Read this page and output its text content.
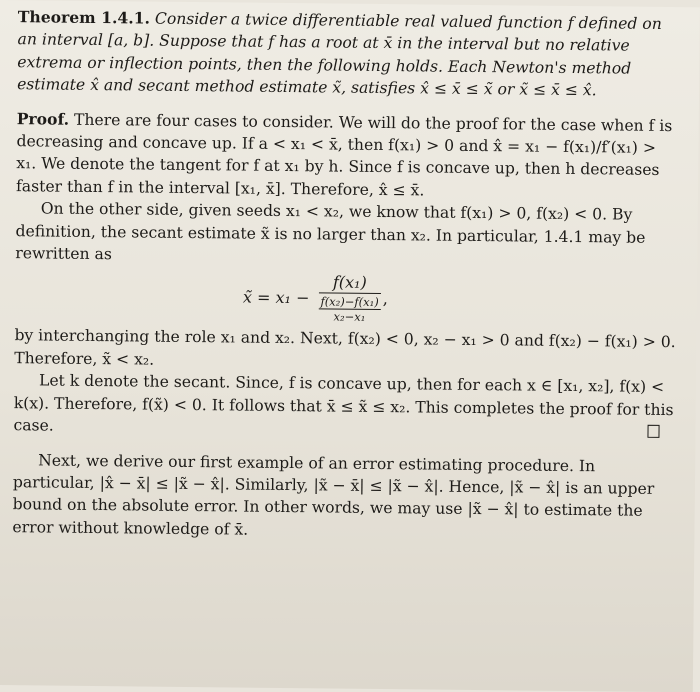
Theorem 1.4.1. Consider a twice differentiable real valued function f defined on an interval [a, b]. Suppose that f has a root at x̄ in the interval but no relative extrema or inflection points, then the following holds. Each Newton's method estimate x̂ and secant method estimate x̃, satisfies x̂ ≤ x̄ ≤ x̃ or x̃ ≤ x̄ ≤ x̂.

Proof. There are four cases to consider. We will do the proof for the case when f is decreasing and concave up. If a < x₁ < x̄, then f(x₁) > 0 and x̂ = x₁ − f(x₁)/f′(x₁) > x₁. We denote the tangent for f at x₁ by h. Since f is concave up, then h decreases faster than f in the interval [x₁, x̄]. Therefore, x̂ ≤ x̄.

On the other side, given seeds x₁ < x₂, we know that f(x₁) > 0, f(x₂) < 0. By definition, the secant estimate x̃ is no larger than x₂. In particular, 1.4.1 may be rewritten as

x̃ = $x_1 - \frac{\text{f(x₁)}}{\frac{\text{f(x₂)−f(x₁)}}{\text{x₂−x₁}}}$ ,

by interchanging the role x₁ and x₂. Next, f(x₂) < 0, x₂ − x₁ > 0 and f(x₂) − f(x₁) > 0. Therefore, x̃ < x₂.

Let k denote the secant. Since, f is concave up, then for each x ∈ [x₁, x₂], f(x) < k(x). Therefore, f(x̃) < 0. It follows that x̄ ≤ x̃ ≤ x₂. This completes the proof for this case.

Next, we derive our first example of an error estimating procedure. In particular, |x̂ − x̄| ≤ |x̃ − x̂|. Similarly, |x̃ − x̄| ≤ |x̃ − x̂|. Hence, |x̃ − x̂| is an upper bound on the absolute error. In other words, we may use |x̃ − x̂| to estimate the error without knowledge of x̄.
